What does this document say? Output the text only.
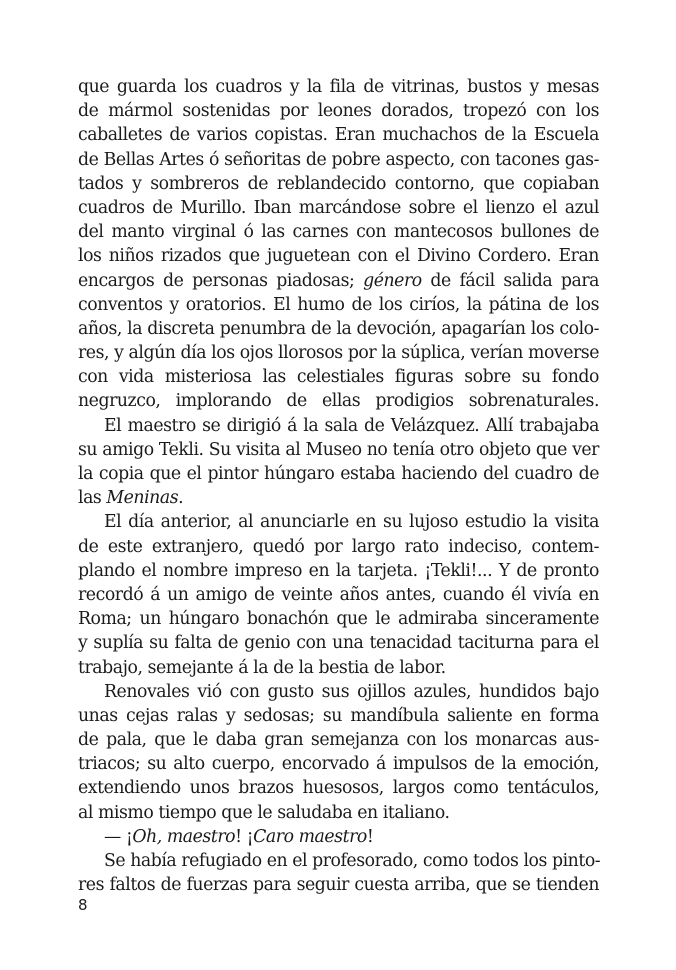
que guarda los cuadros y la fila de vitrinas, bustos y mesas
de mármol sostenidas por leones dorados, tropezó con los
caballetes de varios copistas. Eran muchachos de la Escuela
de Bellas Artes ó señoritas de pobre aspecto, con tacones gas-
tados y sombreros de reblandecido contorno, que copiaban
cuadros de Murillo. Iban marcándose sobre el lienzo el azul
del manto virginal ó las carnes con mantecosos bullones de
los niños rizados que juguetean con el Divino Cordero. Eran
encargos de personas piadosas; género de fácil salida para
conventos y oratorios. El humo de los ciríos, la pátina de los
años, la discreta penumbra de la devoción, apagarían los colo-
res, y algún día los ojos llorosos por la súplica, verían moverse
con vida misteriosa las celestiales figuras sobre su fondo
negruzco, implorando de ellas prodigios sobrenaturales.
El maestro se dirigió á la sala de Velázquez. Allí trabajaba
su amigo Tekli. Su visita al Museo no tenía otro objeto que ver
la copia que el pintor húngaro estaba haciendo del cuadro de
las Meninas.
El día anterior, al anunciarle en su lujoso estudio la visita
de este extranjero, quedó por largo rato indeciso, contem-
plando el nombre impreso en la tarjeta. ¡Tekli!... Y de pronto
recordó á un amigo de veinte años antes, cuando él vivía en
Roma; un húngaro bonachón que le admiraba sinceramente
y suplía su falta de genio con una tenacidad taciturna para el
trabajo, semejante á la de la bestia de labor.
Renovales vió con gusto sus ojillos azules, hundidos bajo
unas cejas ralas y sedosas; su mandíbula saliente en forma
de pala, que le daba gran semejanza con los monarcas aus-
triacos; su alto cuerpo, encorvado á impulsos de la emoción,
extendiendo unos brazos huesosos, largos como tentáculos,
al mismo tiempo que le saludaba en italiano.
— ¡Oh, maestro! ¡Caro maestro!
Se había refugiado en el profesorado, como todos los pinto-
res faltos de fuerzas para seguir cuesta arriba, que se tienden
8
